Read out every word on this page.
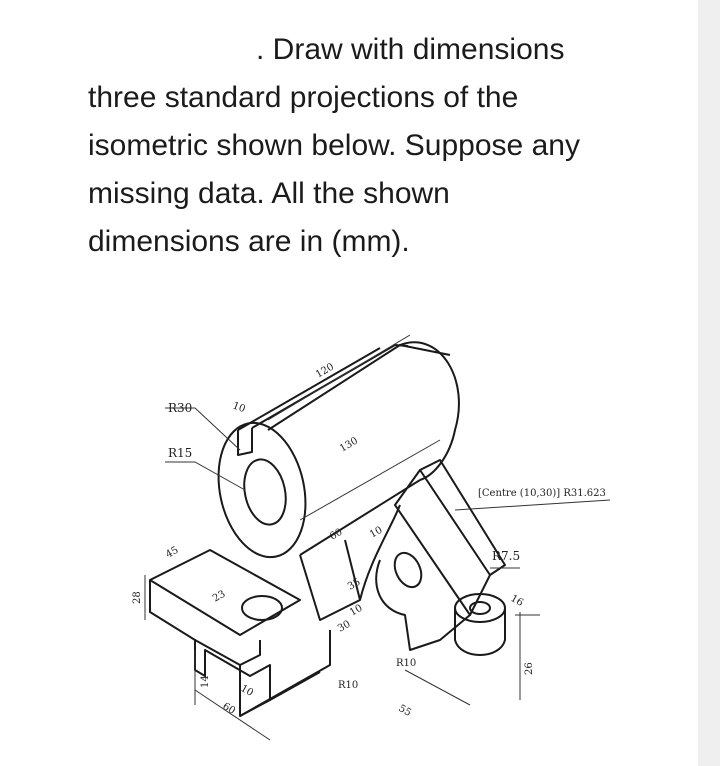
. Draw with dimensions
three standard projections of the
isometric shown below. Suppose any
missing data. All the shown
dimensions are in (mm).
R30	10
R15
120
130
[Centre (10,30)] R31.623
45
60 10
R7.5
16
28	23
35
10
30
R10
14
10	R10
60	55
26
